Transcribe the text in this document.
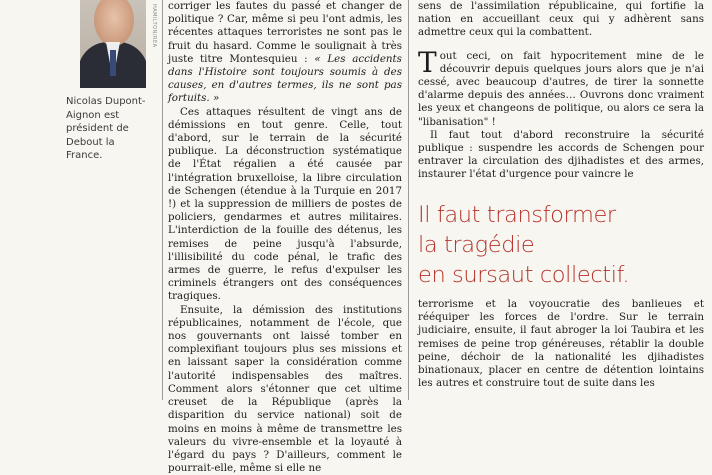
HAMILTON/REA
Nicolas Dupont-Aignon est président de Debout la France.

corriger les fautes du passé et changer de politique ? Car, même si peu l'ont admis, les récentes attaques terroristes ne sont pas le fruit du hasard. Comme le soulignait à très juste titre Montesquieu : « Les accidents dans l'Histoire sont toujours soumis à des causes, en d'autres termes, ils ne sont pas fortuits. »

Ces attaques résultent de vingt ans de démissions en tout genre. Celle, tout d'abord, sur le terrain de la sécurité publique. La déconstruction systématique de l'État régalien a été causée par l'intégration bruxelloise, la libre circulation de Schengen (étendue à la Turquie en 2017 !) et la suppression de milliers de postes de policiers, gendarmes et autres militaires. L'interdiction de la fouille des détenus, les remises de peine jusqu'à l'absurde, l'illisibilité du code pénal, le trafic des armes de guerre, le refus d'expulser les criminels étrangers ont des conséquences tragiques.

Ensuite, la démission des institutions républicaines, notamment de l'école, que nos gouvernants ont laissé tomber en complexifiant toujours plus ses missions et en laissant saper la considération comme l'autorité indispensables des maîtres. Comment alors s'étonner que cet ultime creuset de la République (après la disparition du service national) soit de moins en moins à même de transmettre les valeurs du vivre-ensemble et la loyauté à l'égard du pays ? D'ailleurs, comment le pourrait-elle, même si elle ne

sens de l'assimilation républicaine, qui fortifie la nation en accueillant ceux qui y adhèrent sans admettre ceux qui la combattent.

Tout ceci, on fait hypocritement mine de le découvrir depuis quelques jours alors que je n'ai cessé, avec beaucoup d'autres, de tirer la sonnette d'alarme depuis des années… Ouvrons donc vraiment les yeux et changeons de politique, ou alors ce sera la "libanisation" !

Il faut tout d'abord reconstruire la sécurité publique : suspendre les accords de Schengen pour entraver la circulation des djihadistes et des armes, instaurer l'état d'urgence pour vaincre le

Il faut transformer
la tragédie
en sursaut collectif.

terrorisme et la voyoucratie des banlieues et rééquiper les forces de l'ordre. Sur le terrain judiciaire, ensuite, il faut abroger la loi Taubira et les remises de peine trop généreuses, rétablir la double peine, déchoir de la nationalité les djihadistes binationaux, placer en centre de détention lointains les autres et construire tout de suite dans les
